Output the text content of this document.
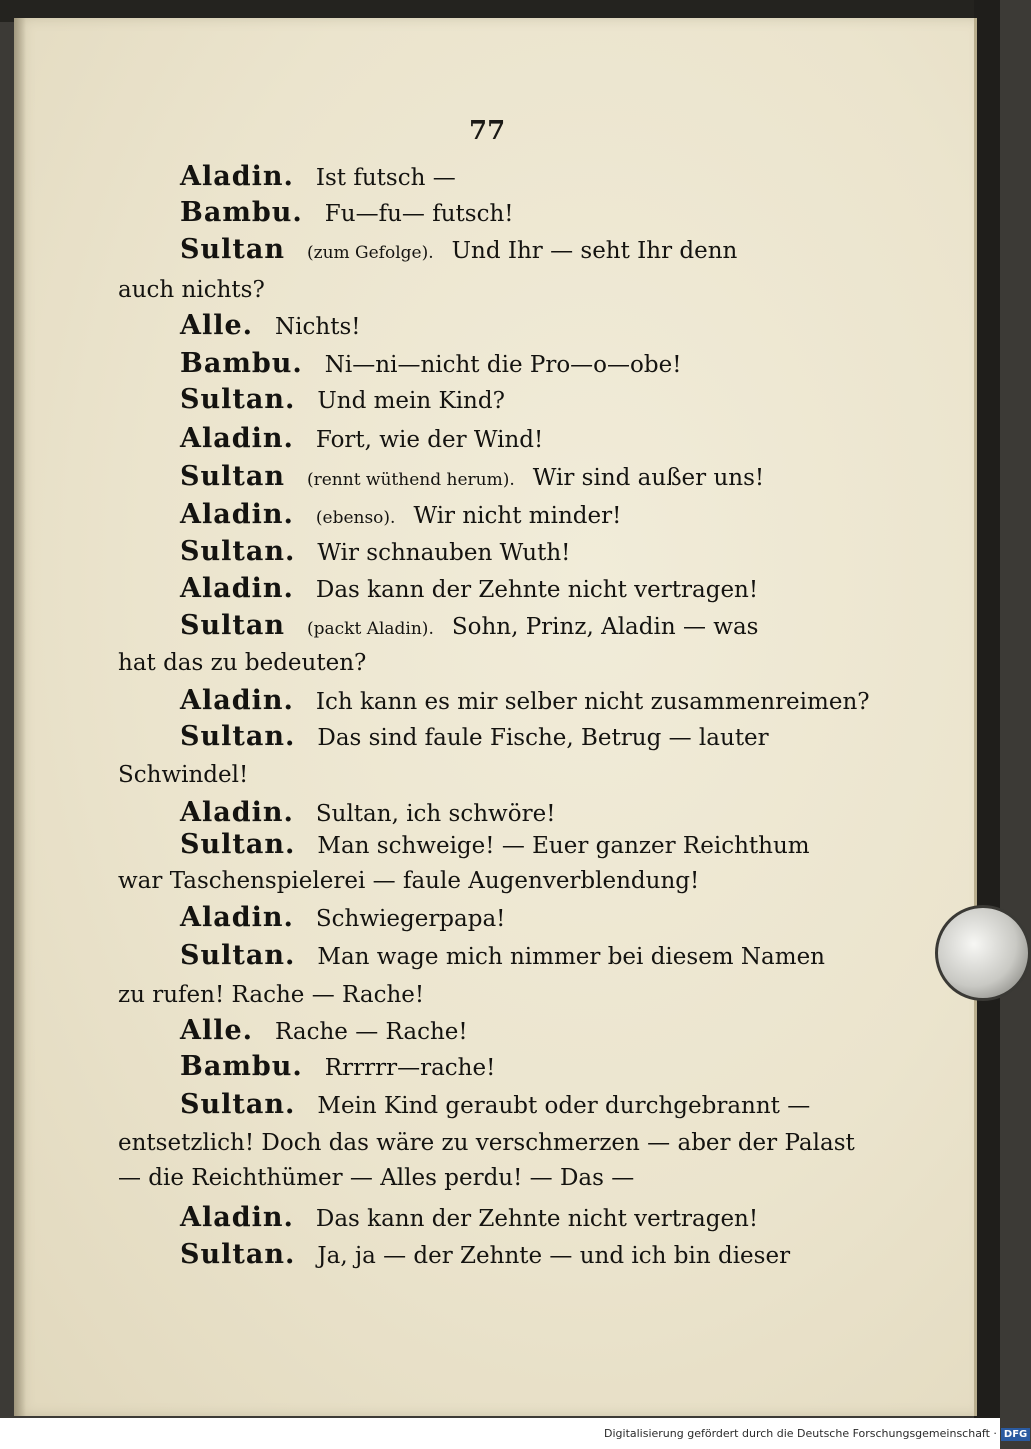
77
Aladin. Ist futsch —
Bambu. Fu—fu— futsch!
Sultan (zum Gefolge). Und Ihr — seht Ihr denn
auch nichts?
Alle. Nichts!
Bambu. Ni—ni—nicht die Pro—o—obe!
Sultan. Und mein Kind?
Aladin. Fort, wie der Wind!
Sultan (rennt wüthend herum). Wir sind außer uns!
Aladin. (ebenso). Wir nicht minder!
Sultan. Wir schnauben Wuth!
Aladin. Das kann der Zehnte nicht vertragen!
Sultan (packt Aladin). Sohn, Prinz, Aladin — was
hat das zu bedeuten?
Aladin. Ich kann es mir selber nicht zusammenreimen?
Sultan. Das sind faule Fische, Betrug — lauter
Schwindel!
Aladin. Sultan, ich schwöre!
Sultan. Man schweige! — Euer ganzer Reichthum
war Taschenspielerei — faule Augenverblendung!
Aladin. Schwiegerpapa!
Sultan. Man wage mich nimmer bei diesem Namen
zu rufen! Rache — Rache!
Alle. Rache — Rache!
Bambu. Rrrrrr—rache!
Sultan. Mein Kind geraubt oder durchgebrannt —
entsetzlich! Doch das wäre zu verschmerzen — aber der Palast
— die Reichthümer — Alles perdu! — Das —
Aladin. Das kann der Zehnte nicht vertragen!
Sultan. Ja, ja — der Zehnte — und ich bin dieser
Digitalisierung gefördert durch die Deutsche Forschungsgemeinschaft · DFG
